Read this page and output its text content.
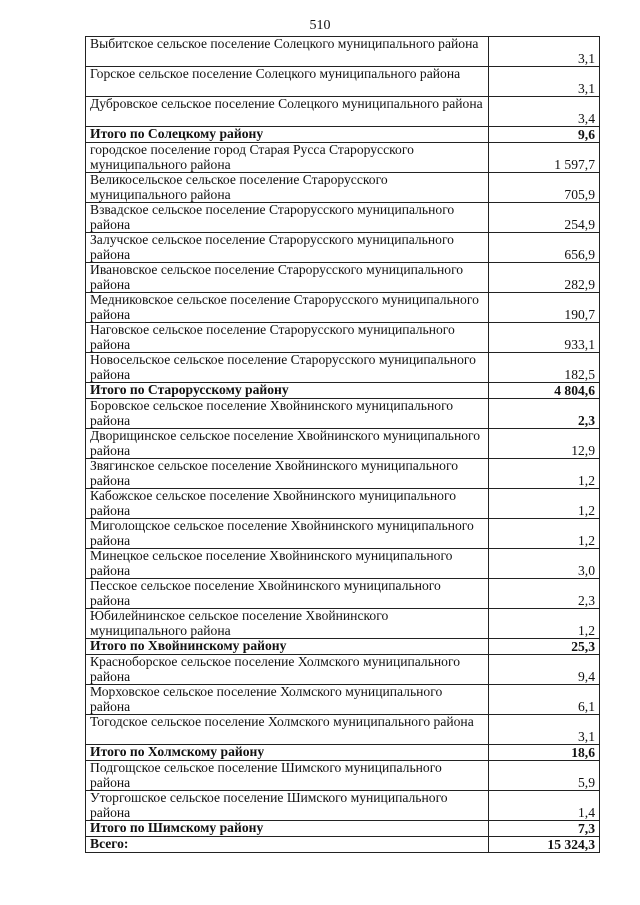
510
Выбитское сельское поселение Солецкого муниципального района	3,1
Горское сельское поселение Солецкого муниципального района	3,1
Дубровское сельское поселение Солецкого муниципального района	3,4
Итого по Солецкому району	9,6
городское поселение город Старая Русса Старорусского муниципального района	1 597,7
Великосельское сельское поселение Старорусского муниципального района	705,9
Взвадское сельское поселение Старорусского муниципального района	254,9
Залучское сельское поселение Старорусского муниципального района	656,9
Ивановское сельское поселение Старорусского муниципального района	282,9
Медниковское сельское поселение Старорусского муниципального района	190,7
Наговское сельское поселение Старорусского муниципального района	933,1
Новосельское сельское поселение Старорусского муниципального района	182,5
Итого по Старорусскому району	4 804,6
Боровское сельское поселение Хвойнинского муниципального района	2,3
Дворищинское сельское поселение Хвойнинского муниципального района	12,9
Звягинское сельское поселение Хвойнинского муниципального района	1,2
Кабожское сельское поселение Хвойнинского муниципального района	1,2
Миголощское сельское поселение Хвойнинского муниципального района	1,2
Минецкое сельское поселение Хвойнинского муниципального района	3,0
Песское сельское поселение Хвойнинского муниципального района	2,3
Юбилейнинское сельское поселение Хвойнинского муниципального района	1,2
Итого по Хвойнинскому району	25,3
Красноборское сельское поселение Холмского муниципального района	9,4
Морховское сельское поселение Холмского муниципального района	6,1
Тогодское сельское поселение Холмского муниципального района	3,1
Итого по Холмскому району	18,6
Подгощское сельское поселение Шимского муниципального района	5,9
Уторгошское сельское поселение Шимского муниципального района	1,4
Итого по Шимскому району	7,3
Всего:	15 324,3
